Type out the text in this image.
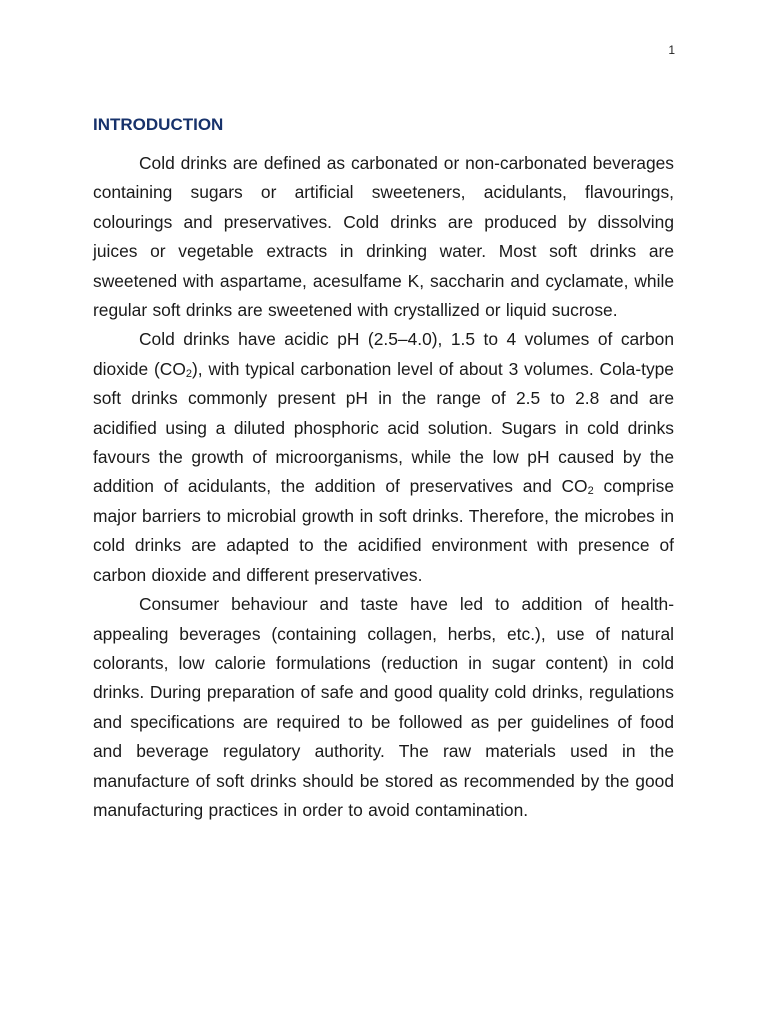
1
INTRODUCTION

Cold drinks are defined as carbonated or non-carbonated beverages containing sugars or artificial sweeteners, acidulants, flavourings, colourings and preservatives. Cold drinks are produced by dissolving juices or vegetable extracts in drinking water. Most soft drinks are sweetened with aspartame, acesulfame K, saccharin and cyclamate, while regular soft drinks are sweetened with crystallized or liquid sucrose.

Cold drinks have acidic pH (2.5–4.0), 1.5 to 4 volumes of carbon dioxide $(CO_2)$, with typical carbonation level of about 3 volumes. Cola-type soft drinks commonly present pH in the range of 2.5 to 2.8 and are acidified using a diluted phosphoric acid solution. Sugars in cold drinks favours the growth of microorganisms, while the low pH caused by the addition of acidulants, the addition of preservatives and $CO_2$ comprise major barriers to microbial growth in soft drinks. Therefore, the microbes in cold drinks are adapted to the acidified environment with presence of carbon dioxide and different preservatives.

Consumer behaviour and taste have led to addition of health-appealing beverages (containing collagen, herbs, etc.), use of natural colorants, low calorie formulations (reduction in sugar content) in cold drinks. During preparation of safe and good quality cold drinks, regulations and specifications are required to be followed as per guidelines of food and beverage regulatory authority. The raw materials used in the manufacture of soft drinks should be stored as recommended by the good manufacturing practices in order to avoid contamination.
